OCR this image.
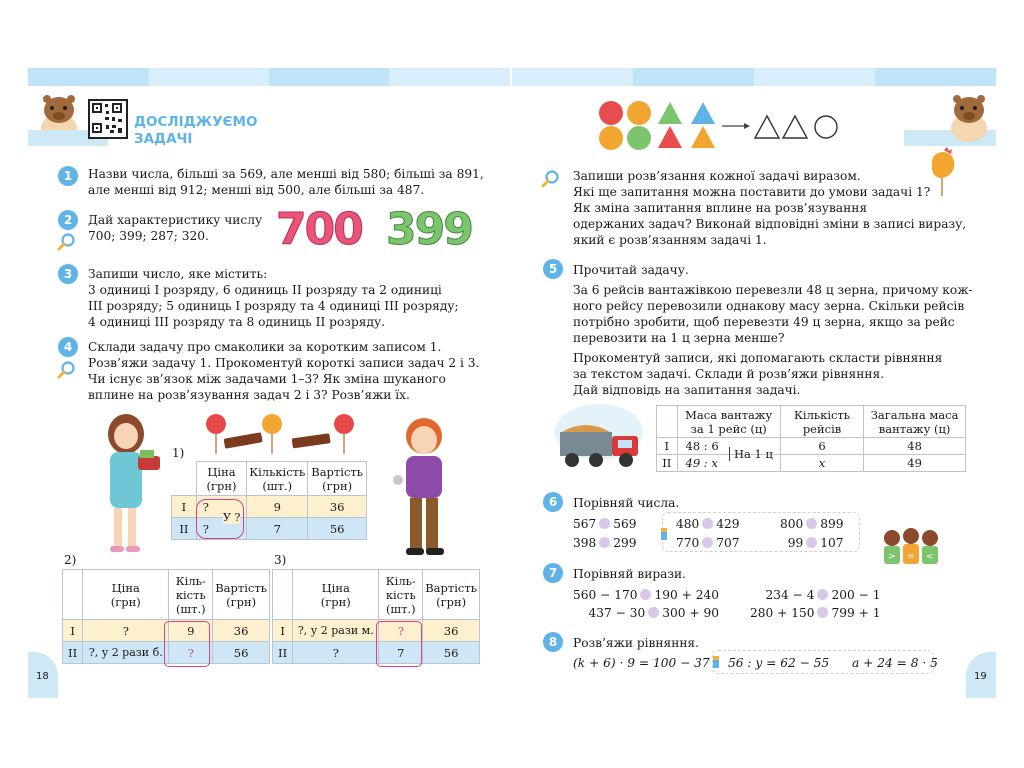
ДОСЛІДЖУЄМО
ЗАДАЧІ
1	Назви числа, більші за 569, але менші від 580; більші за 891,
але менші від 912; менші від 500, але більші за 487.
2	Дай характеристику числу
700; 399; 287; 320.	700 399
3	Запиши число, яке містить:
3 одиниці І розряду, 6 одиниць ІІ розряду та 2 одиниці
ІІІ розряду; 5 одиниць І розряду та 4 одиниці ІІІ розряду;
4 одиниці ІІІ розряду та 8 одиниць ІІ розряду.
4	Склади задачу про смаколики за коротким записом 1.
Розв’яжи задачу 1. Прокоментуй короткі записи задач 2 і 3.
Чи існує зв’язок між задачами 1–3? Як зміна шуканого
вплине на розв’язування задач 2 і 3? Розв’яжи їх.
1)

	Ціна
(грн)	Кількість
(шт.)	Вартість
(грн)

І	?	9	36
ІІ	?	7	56
У ?
2)

	Ціна
(грн)	Кіль-
кість
(шт.)	Вартість
(грн)

І	?	9	36
ІІ	?, у 2 рази б.	?	56
3)

	Ціна
(грн)	Кіль-
кість
(шт.)	Вартість
(грн)

І	?, у 2 рази м.	?	36
ІІ	?	7	56
18
Запиши розв’язання кожної задачі виразом.
Які ще запитання можна поставити до умови задачі 1?
Як зміна запитання вплине на розв’язування
одержаних задач? Виконай відповідні зміни в записі виразу,
який є розв’язанням задачі 1.
5	Прочитай задачу.
За 6 рейсів вантажівкою перевезли 48 ц зерна, причому кож-
ного рейсу перевозили однакову масу зерна. Скільки рейсів
потрібно зробити, щоб перевезти 49 ц зерна, якщо за рейс
перевозити на 1 ц зерна менше?
Прокоментуй записи, які допомагають скласти рівняння
за текстом задачі. Склади й розв’яжи рівняння.
Дай відповідь на запитання задачі.

	Маса вантажу
за 1 рейс (ц)	Кількість
рейсів	Загальна маса
вантажу (ц)

І	48 : 6	6	48
ІІ	49 : x	x	49
На 1 ц
6	Порівняй числа.
567 569
398 299
480 429
770 707
800 899
99 107
> = <
7	Порівняй вирази.
560 − 170 190 + 240
437 − 30 300 + 90
234 − 4 200 − 1
280 + 150 799 + 1
8	Розв’яжи рівняння.
(k + 6) · 9 = 100 − 37 56 : y = 62 − 55 a + 24 = 8 · 5
19
